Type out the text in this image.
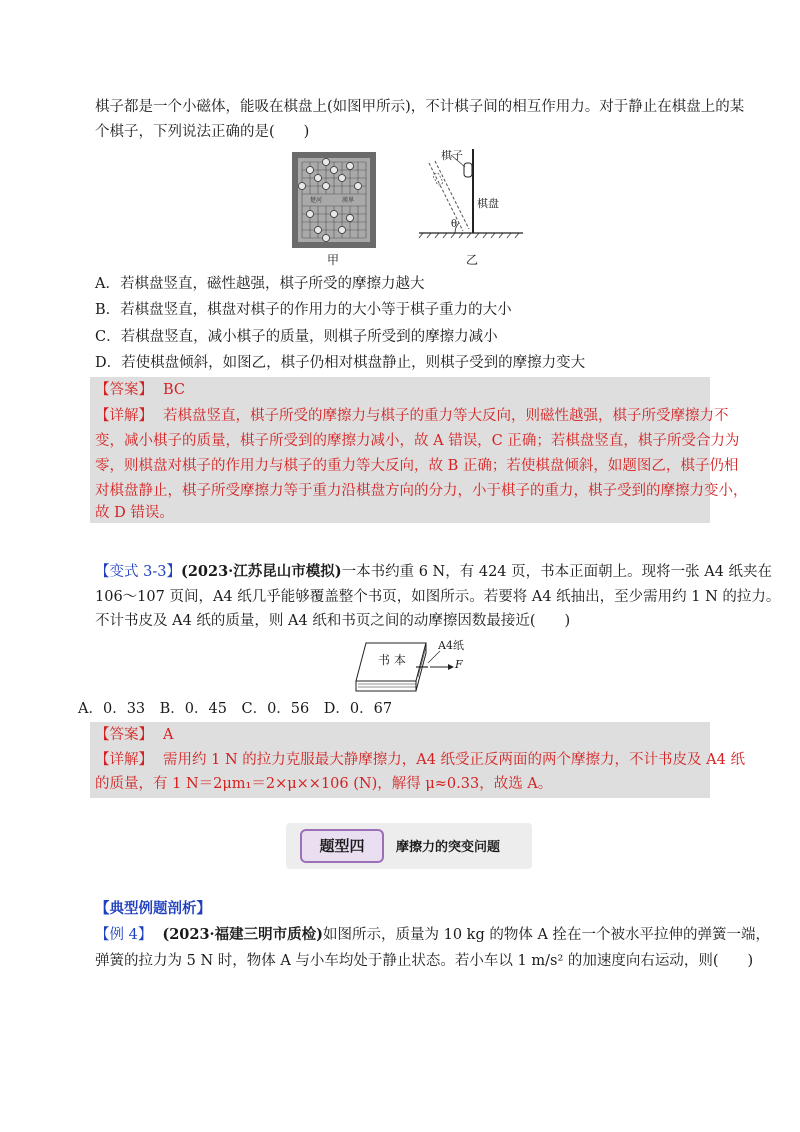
棋子都是一个小磁体，能吸在棋盘上(如图甲所示)，不计棋子间的相互作用力。对于静止在棋盘上的某
个棋子，下列说法正确的是(　　)
楚河	漢界
甲
棋子
棋盘
θ
乙
A．若棋盘竖直，磁性越强，棋子所受的摩擦力越大
B．若棋盘竖直，棋盘对棋子的作用力的大小等于棋子重力的大小
C．若棋盘竖直，减小棋子的质量，则棋子所受到的摩擦力减小
D．若使棋盘倾斜，如图乙，棋子仍相对棋盘静止，则棋子受到的摩擦力变大
【答案】 BC
【详解】 若棋盘竖直，棋子所受的摩擦力与棋子的重力等大反向，则磁性越强，棋子所受摩擦力不
变，减小棋子的质量，棋子所受到的摩擦力减小，故 A 错误，C 正确；若棋盘竖直，棋子所受合力为
零，则棋盘对棋子的作用力与棋子的重力等大反向，故 B 正确；若使棋盘倾斜，如题图乙，棋子仍相
对棋盘静止，棋子所受摩擦力等于重力沿棋盘方向的分力，小于棋子的重力，棋子受到的摩擦力变小，
故 D 错误。
【变式 3-3】(2023·江苏昆山市模拟)一本书约重 6 N，有 424 页，书本正面朝上。现将一张 A4 纸夹在
106～107 页间，A4 纸几乎能够覆盖整个书页，如图所示。若要将 A4 纸抽出，至少需用约 1 N 的拉力。
不计书皮及 A4 纸的质量，则 A4 纸和书页之间的动摩擦因数最接近(　　)
书 本
A4纸
F
A．0．33　B．0．45　C．0．56　D．0．67
【答案】 A
【详解】 需用约 1 N 的拉力克服最大静摩擦力，A4 纸受正反两面的两个摩擦力，不计书皮及 A4 纸
的质量，有 1 N＝2μm₁＝2×μ××106 (N)，解得 μ≈0.33，故选 A。
题型四	摩擦力的突变问题
【典型例题剖析】
【例 4】 (2023·福建三明市质检)如图所示，质量为 10 kg 的物体 A 拴在一个被水平拉伸的弹簧一端，
弹簧的拉力为 5 N 时，物体 A 与小车均处于静止状态。若小车以 1 m/s² 的加速度向右运动，则(　　)
